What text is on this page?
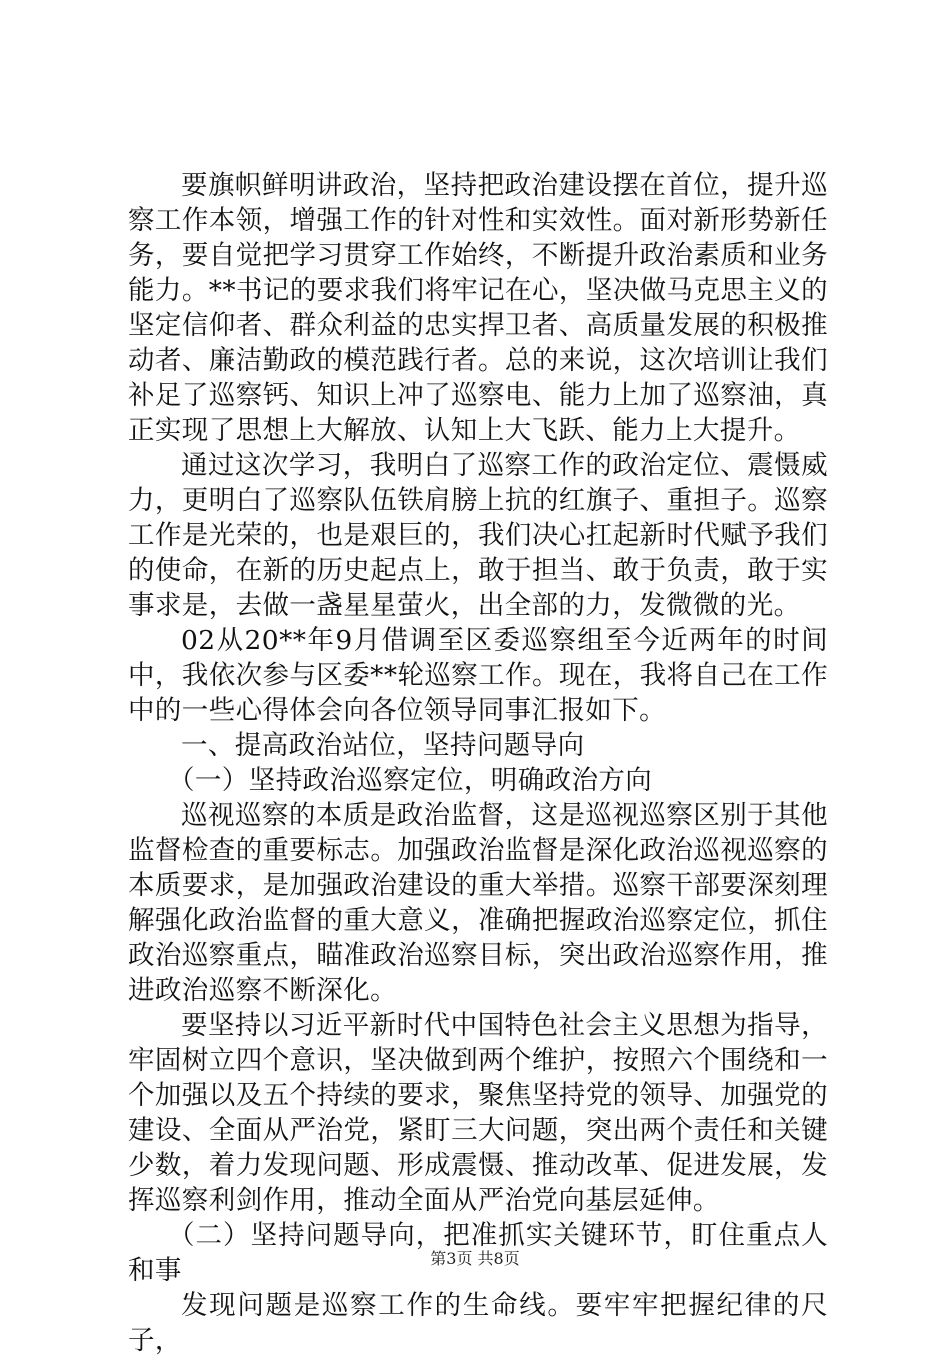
要旗帜鲜明讲政治，坚持把政治建设摆在首位，提升巡察工作本领，增强工作的针对性和实效性。面对新形势新任务，要自觉把学习贯穿工作始终，不断提升政治素质和业务能力。**书记的要求我们将牢记在心，坚决做马克思主义的坚定信仰者、群众利益的忠实捍卫者、高质量发展的积极推动者、廉洁勤政的模范践行者。总的来说，这次培训让我们补足了巡察钙、知识上冲了巡察电、能力上加了巡察油，真正实现了思想上大解放、认知上大飞跃、能力上大提升。

通过这次学习，我明白了巡察工作的政治定位、震慑威力，更明白了巡察队伍铁肩膀上抗的红旗子、重担子。巡察工作是光荣的，也是艰巨的，我们决心扛起新时代赋予我们的使命，在新的历史起点上，敢于担当、敢于负责，敢于实事求是，去做一盏星星萤火，出全部的力，发微微的光。

02从20**年9月借调至区委巡察组至今近两年的时间中，我依次参与区委**轮巡察工作。现在，我将自己在工作中的一些心得体会向各位领导同事汇报如下。

一、提高政治站位，坚持问题导向

（一）坚持政治巡察定位，明确政治方向

巡视巡察的本质是政治监督，这是巡视巡察区别于其他监督检查的重要标志。加强政治监督是深化政治巡视巡察的本质要求，是加强政治建设的重大举措。巡察干部要深刻理解强化政治监督的重大意义，准确把握政治巡察定位，抓住政治巡察重点，瞄准政治巡察目标，突出政治巡察作用，推进政治巡察不断深化。

要坚持以习近平新时代中国特色社会主义思想为指导，牢固树立四个意识，坚决做到两个维护，按照六个围绕和一个加强以及五个持续的要求，聚焦坚持党的领导、加强党的建设、全面从严治党，紧盯三大问题，突出两个责任和关键少数，着力发现问题、形成震慑、推动改革、促进发展，发挥巡察利剑作用，推动全面从严治党向基层延伸。

（二）坚持问题导向，把准抓实关键环节，盯住重点人和事

发现问题是巡察工作的生命线。要牢牢把握纪律的尺子，

第3页 共8页
